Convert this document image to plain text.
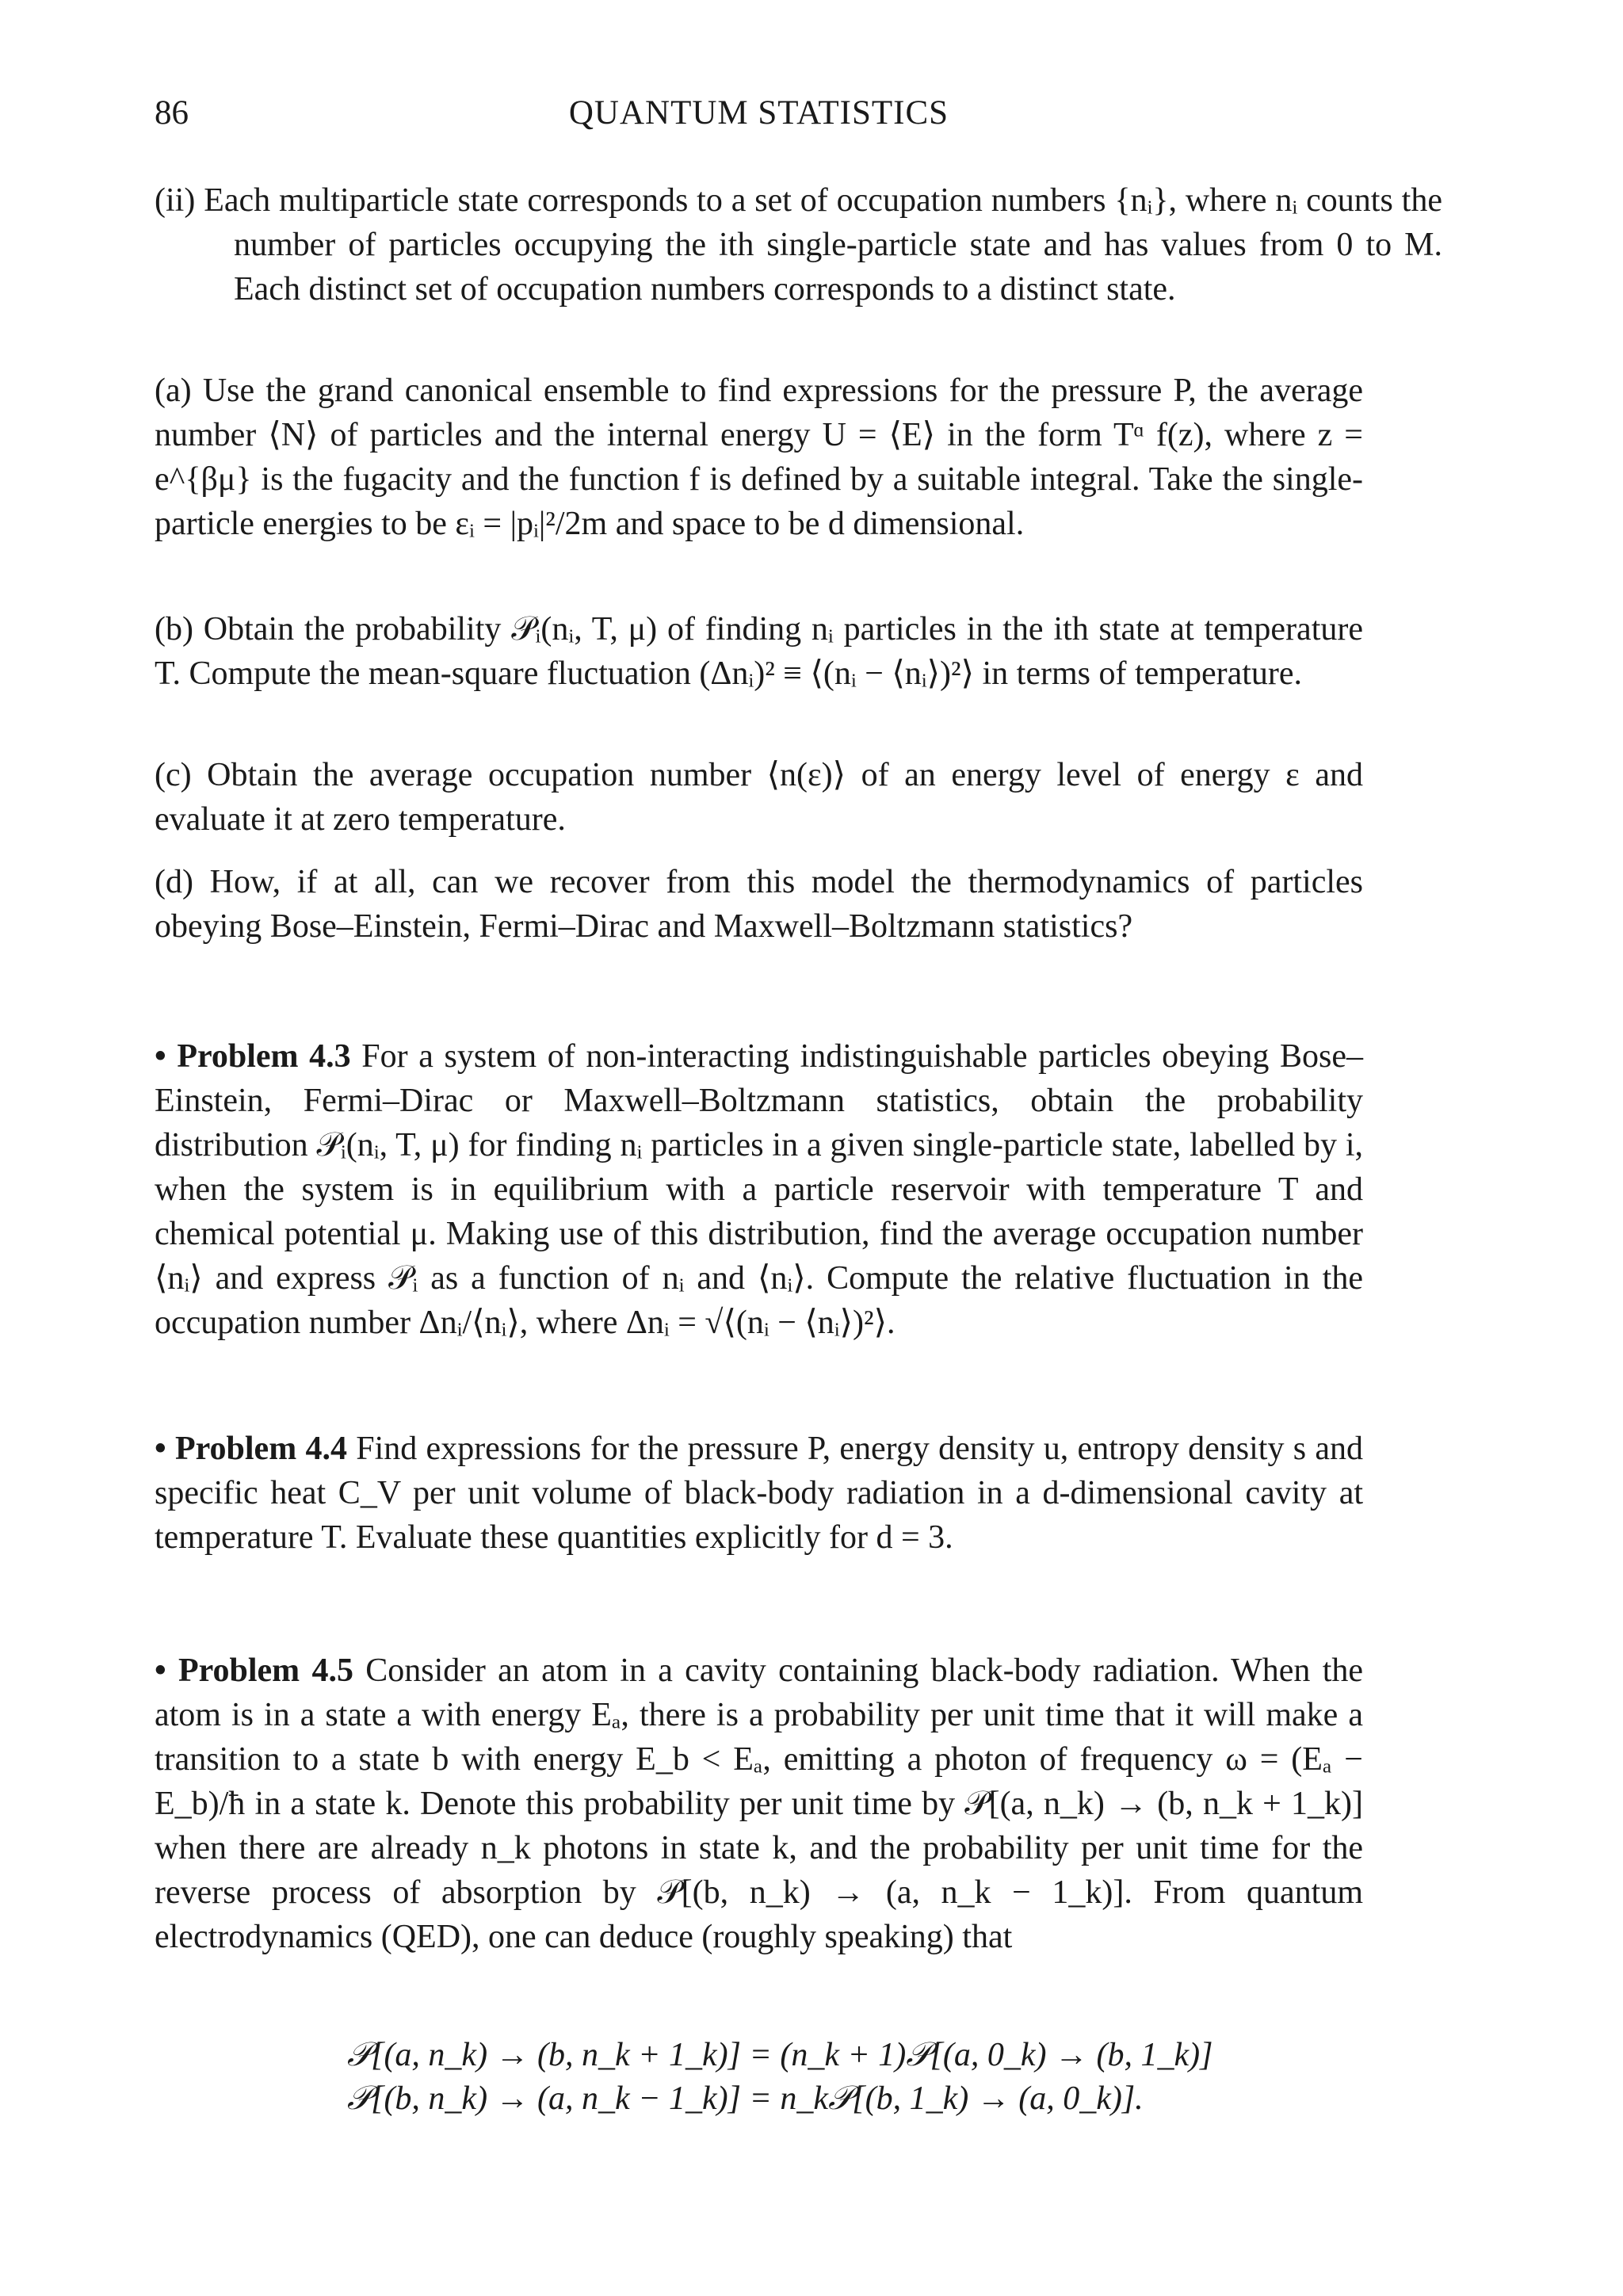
86	QUANTUM STATISTICS

(ii) Each multiparticle state corresponds to a set of occupation numbers {nᵢ}, where nᵢ counts the number of particles occupying the ith single-particle state and has values from 0 to M. Each distinct set of occupation numbers corresponds to a distinct state.

(a) Use the grand canonical ensemble to find expressions for the pressure P, the average number ⟨N⟩ of particles and the internal energy U = ⟨E⟩ in the form Tᵅ f(z), where z = e^{βμ} is the fugacity and the function f is defined by a suitable integral. Take the single-particle energies to be εᵢ = |pᵢ|²/2m and space to be d dimensional.

(b) Obtain the probability 𝒫ᵢ(nᵢ, T, μ) of finding nᵢ particles in the ith state at temperature T. Compute the mean-square fluctuation (Δnᵢ)² ≡ ⟨(nᵢ − ⟨nᵢ⟩)²⟩ in terms of temperature.

(c) Obtain the average occupation number ⟨n(ε)⟩ of an energy level of energy ε and evaluate it at zero temperature.

(d) How, if at all, can we recover from this model the thermodynamics of particles obeying Bose–Einstein, Fermi–Dirac and Maxwell–Boltzmann statistics?

• Problem 4.3 For a system of non-interacting indistinguishable particles obeying Bose–Einstein, Fermi–Dirac or Maxwell–Boltzmann statistics, obtain the probability distribution 𝒫ᵢ(nᵢ, T, μ) for finding nᵢ particles in a given single-particle state, labelled by i, when the system is in equilibrium with a particle reservoir with temperature T and chemical potential μ. Making use of this distribution, find the average occupation number ⟨nᵢ⟩ and express 𝒫ᵢ as a function of nᵢ and ⟨nᵢ⟩. Compute the relative fluctuation in the occupation number Δnᵢ/⟨nᵢ⟩, where Δnᵢ = √⟨(nᵢ − ⟨nᵢ⟩)²⟩.

• Problem 4.4 Find expressions for the pressure P, energy density u, entropy density s and specific heat C_V per unit volume of black-body radiation in a d-dimensional cavity at temperature T. Evaluate these quantities explicitly for d = 3.

• Problem 4.5 Consider an atom in a cavity containing black-body radiation. When the atom is in a state a with energy Eₐ, there is a probability per unit time that it will make a transition to a state b with energy E_b < Eₐ, emitting a photon of frequency ω = (Eₐ − E_b)/ħ in a state k. Denote this probability per unit time by 𝒫[(a, n_k) → (b, n_k + 1_k)] when there are already n_k photons in state k, and the probability per unit time for the reverse process of absorption by 𝒫[(b, n_k) → (a, n_k − 1_k)]. From quantum electrodynamics (QED), one can deduce (roughly speaking) that

𝒫[(a, n_k) → (b, n_k + 1_k)] = (n_k + 1)𝒫[(a, 0_k) → (b, 1_k)]
𝒫[(b, n_k) → (a, n_k − 1_k)] = n_k𝒫[(b, 1_k) → (a, 0_k)].
